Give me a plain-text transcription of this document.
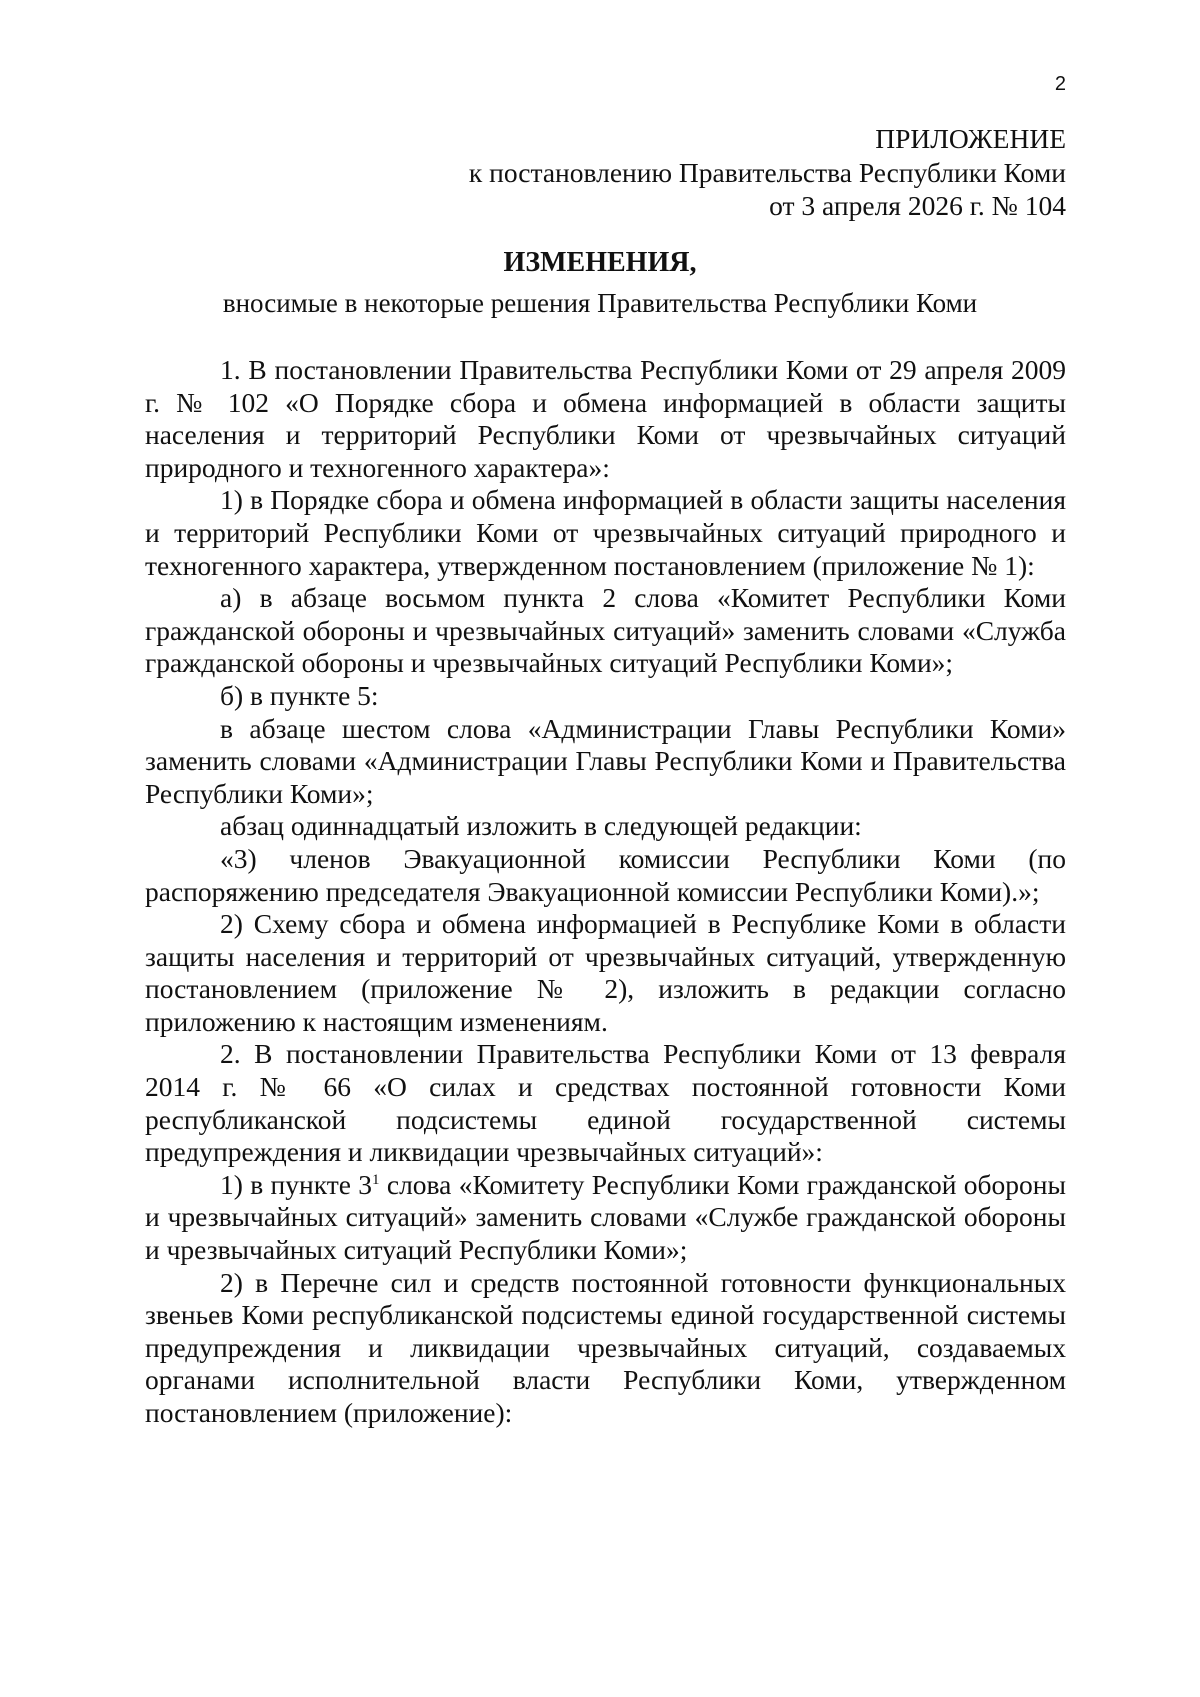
2
ПРИЛОЖЕНИЕ
к постановлению Правительства Республики Коми
от 3 апреля 2026 г. № 104
ИЗМЕНЕНИЯ,
вносимые в некоторые решения Правительства Республики Коми

1. В постановлении Правительства Республики Коми от 29 апреля 2009 г. № 102 «О Порядке сбора и обмена информацией в области защиты населения и территорий Республики Коми от чрезвычайных ситуаций природного и техногенного характера»:

1) в Порядке сбора и обмена информацией в области защиты населения и территорий Республики Коми от чрезвычайных ситуаций природного и техногенного характера, утвержденном постановлением (приложение № 1):

а) в абзаце восьмом пункта 2 слова «Комитет Республики Коми гражданской обороны и чрезвычайных ситуаций» заменить словами «Служба гражданской обороны и чрезвычайных ситуаций Республики Коми»;

б) в пункте 5:

в абзаце шестом слова «Администрации Главы Республики Коми» заменить словами «Администрации Главы Республики Коми и Правительства Республики Коми»;

абзац одиннадцатый изложить в следующей редакции:

«3) членов Эвакуационной комиссии Республики Коми (по распоряжению председателя Эвакуационной комиссии Республики Коми).»;

2) Схему сбора и обмена информацией в Республике Коми в области защиты населения и территорий от чрезвычайных ситуаций, утвержденную постановлением (приложение № 2), изложить в редакции согласно приложению к настоящим изменениям.

2. В постановлении Правительства Республики Коми от 13 февраля 2014 г. № 66 «О силах и средствах постоянной готовности Коми республиканской подсистемы единой государственной системы предупреждения и ликвидации чрезвычайных ситуаций»:

1) в пункте $3^1$ слова «Комитету Республики Коми гражданской обороны и чрезвычайных ситуаций» заменить словами «Службе гражданской обороны и чрезвычайных ситуаций Республики Коми»;

2) в Перечне сил и средств постоянной готовности функциональных звеньев Коми республиканской подсистемы единой государственной системы предупреждения и ликвидации чрезвычайных ситуаций, создаваемых органами исполнительной власти Республики Коми, утвержденном постановлением (приложение):
